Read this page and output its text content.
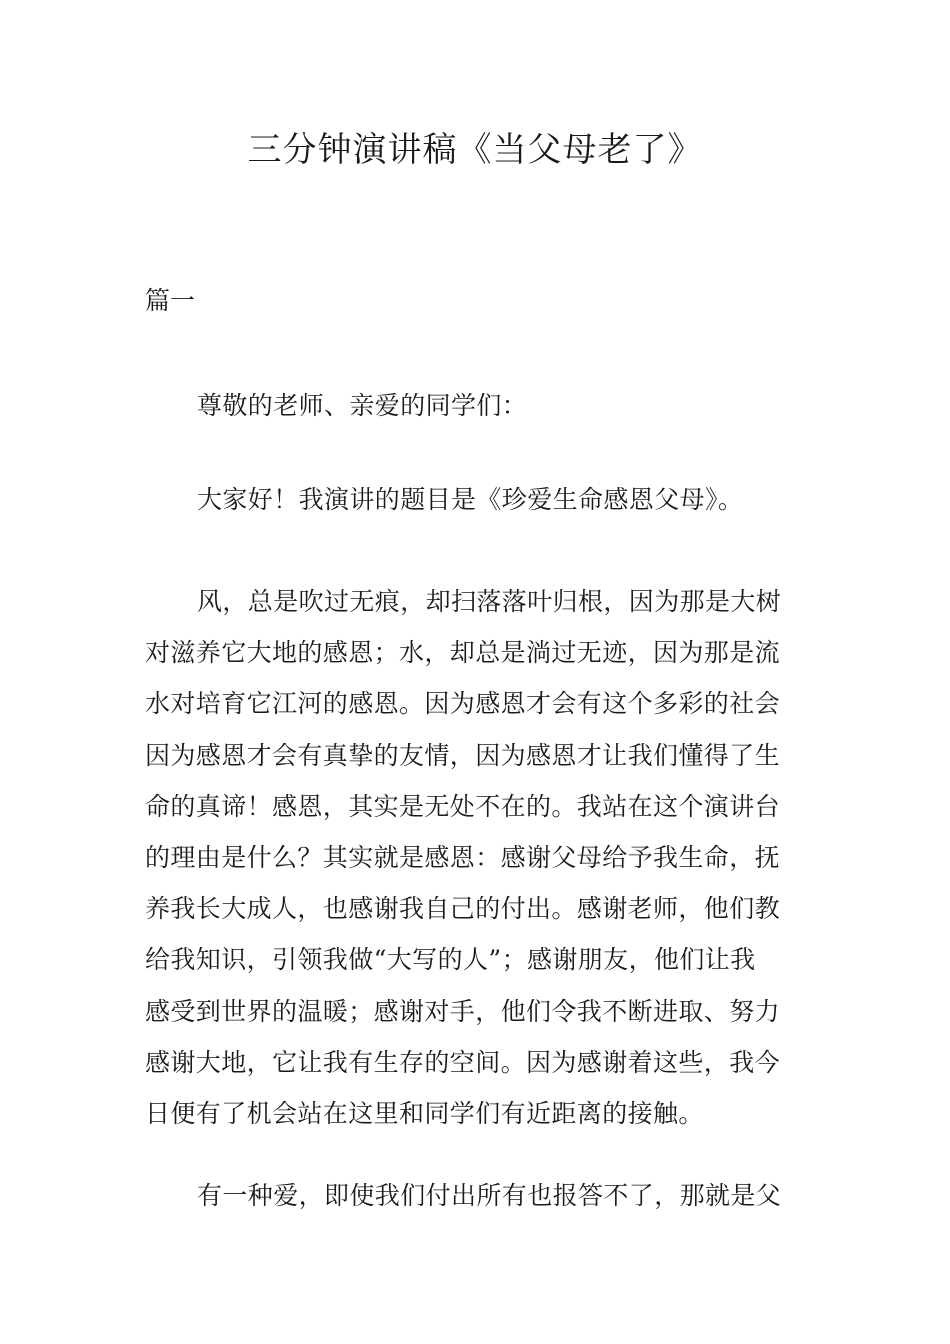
三分钟演讲稿《当父母老了》

篇一

尊敬的老师、亲爱的同学们：

大家好！我演讲的题目是《珍爱生命感恩父母》。

风，总是吹过无痕，却扫落落叶归根，因为那是大树
对滋养它大地的感恩；水，却总是淌过无迹，因为那是流
水对培育它江河的感恩。因为感恩才会有这个多彩的社会
因为感恩才会有真挚的友情，因为感恩才让我们懂得了生
命的真谛！感恩，其实是无处不在的。我站在这个演讲台
的理由是什么？其实就是感恩：感谢父母给予我生命，抚
养我长大成人，也感谢我自己的付出。感谢老师，他们教
给我知识，引领我做“大写的人”；感谢朋友，他们让我
感受到世界的温暖；感谢对手，他们令我不断进取、努力
感谢大地，它让我有生存的空间。因为感谢着这些，我今
日便有了机会站在这里和同学们有近距离的接触。

有一种爱，即使我们付出所有也报答不了，那就是父
